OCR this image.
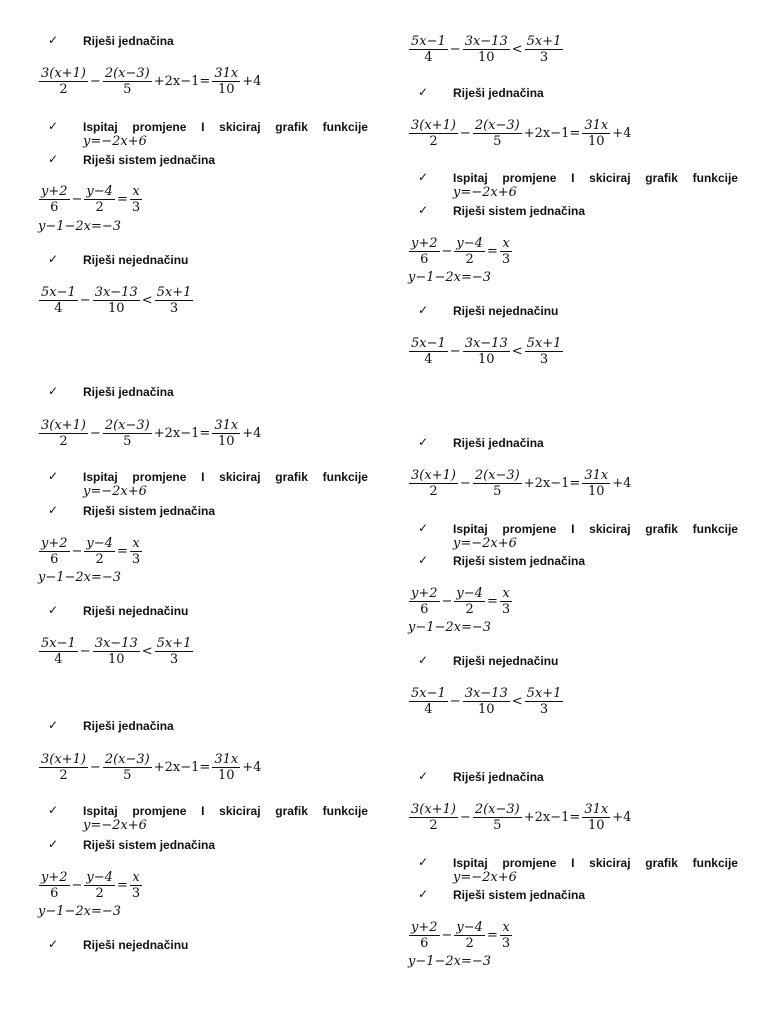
✓ Riješi jednačina
$\frac{3(x+1)}{2} - \frac{2(x-3)}{5} +2x-1= \frac{31x}{10} +4$
✓ Ispitaj promjene I skiciraj grafik funkcije
y=−2x+6
✓ Riješi sistem jednačina
$\frac{y+2}{6} - \frac{y-4}{2} = \frac{x}{3}$
y−1−2x=−3
✓ Riješi nejednačinu
$\frac{5x-1}{4} - \frac{3x-13}{10} < \frac{5x+1}{3}$
✓ Riješi jednačina
$\frac{3(x+1)}{2} - \frac{2(x-3)}{5} +2x-1= \frac{31x}{10} +4$
✓ Ispitaj promjene I skiciraj grafik funkcije
y=−2x+6
✓ Riješi sistem jednačina
$\frac{y+2}{6} - \frac{y-4}{2} = \frac{x}{3}$
y−1−2x=−3
✓ Riješi nejednačinu
$\frac{5x-1}{4} - \frac{3x-13}{10} < \frac{5x+1}{3}$
✓ Riješi jednačina
$\frac{3(x+1)}{2} - \frac{2(x-3)}{5} +2x-1= \frac{31x}{10} +4$
✓ Ispitaj promjene I skiciraj grafik funkcije
y=−2x+6
✓ Riješi sistem jednačina
$\frac{y+2}{6} - \frac{y-4}{2} = \frac{x}{3}$
y−1−2x=−3
✓ Riješi nejednačinu
$\frac{5x-1}{4} - \frac{3x-13}{10} < \frac{5x+1}{3}$
✓ Riješi jednačina
$\frac{3(x+1)}{2} - \frac{2(x-3)}{5} +2x-1= \frac{31x}{10} +4$
✓ Ispitaj promjene I skiciraj grafik funkcije
y=−2x+6
✓ Riješi sistem jednačina
$\frac{y+2}{6} - \frac{y-4}{2} = \frac{x}{3}$
y−1−2x=−3
✓ Riješi nejednačinu
$\frac{5x-1}{4} - \frac{3x-13}{10} < \frac{5x+1}{3}$
✓ Riješi jednačina
$\frac{3(x+1)}{2} - \frac{2(x-3)}{5} +2x-1= \frac{31x}{10} +4$
✓ Ispitaj promjene I skiciraj grafik funkcije
y=−2x+6
✓ Riješi sistem jednačina
$\frac{y+2}{6} - \frac{y-4}{2} = \frac{x}{3}$
y−1−2x=−3
✓ Riješi nejednačinu
$\frac{5x-1}{4} - \frac{3x-13}{10} < \frac{5x+1}{3}$
✓ Riješi jednačina
$\frac{3(x+1)}{2} - \frac{2(x-3)}{5} +2x-1= \frac{31x}{10} +4$
✓ Ispitaj promjene I skiciraj grafik funkcije
y=−2x+6
✓ Riješi sistem jednačina
$\frac{y+2}{6} - \frac{y-4}{2} = \frac{x}{3}$
y−1−2x=−3
